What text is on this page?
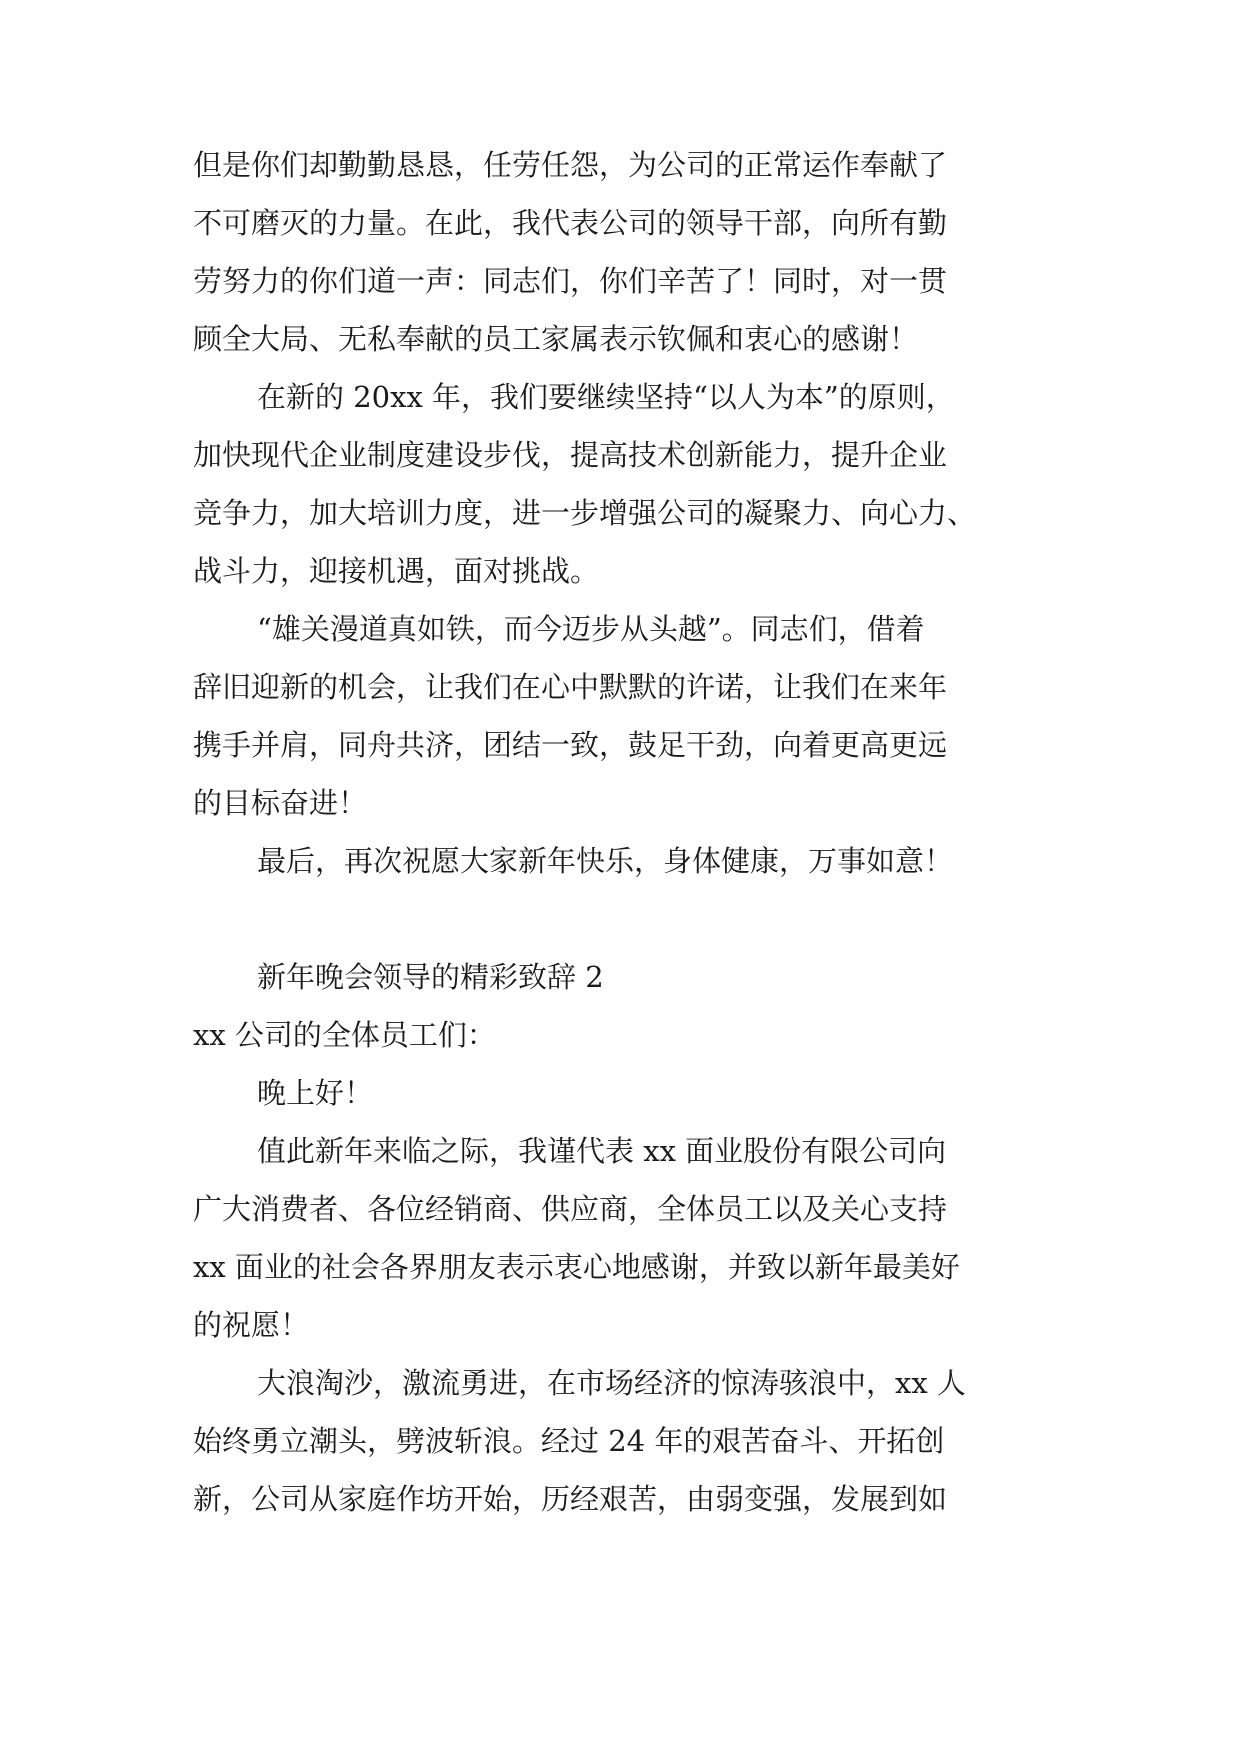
但是你们却勤勤恳恳，任劳任怨，为公司的正常运作奉献了
不可磨灭的力量。在此，我代表公司的领导干部，向所有勤
劳努力的你们道一声：同志们，你们辛苦了！同时，对一贯
顾全大局、无私奉献的员工家属表示钦佩和衷心的感谢！
在新的 20xx 年，我们要继续坚持“以人为本”的原则，
加快现代企业制度建设步伐，提高技术创新能力，提升企业
竞争力，加大培训力度，进一步增强公司的凝聚力、向心力、
战斗力，迎接机遇，面对挑战。
“雄关漫道真如铁，而今迈步从头越”。同志们，借着
辞旧迎新的机会，让我们在心中默默的许诺，让我们在来年
携手并肩，同舟共济，团结一致，鼓足干劲，向着更高更远
的目标奋进！
最后，再次祝愿大家新年快乐，身体健康，万事如意！
新年晚会领导的精彩致辞 2
xx 公司的全体员工们：
晚上好！
值此新年来临之际，我谨代表 xx 面业股份有限公司向
广大消费者、各位经销商、供应商，全体员工以及关心支持
xx 面业的社会各界朋友表示衷心地感谢，并致以新年最美好
的祝愿！
大浪淘沙，激流勇进，在市场经济的惊涛骇浪中，xx 人
始终勇立潮头，劈波斩浪。经过 24 年的艰苦奋斗、开拓创
新，公司从家庭作坊开始，历经艰苦，由弱变强，发展到如
